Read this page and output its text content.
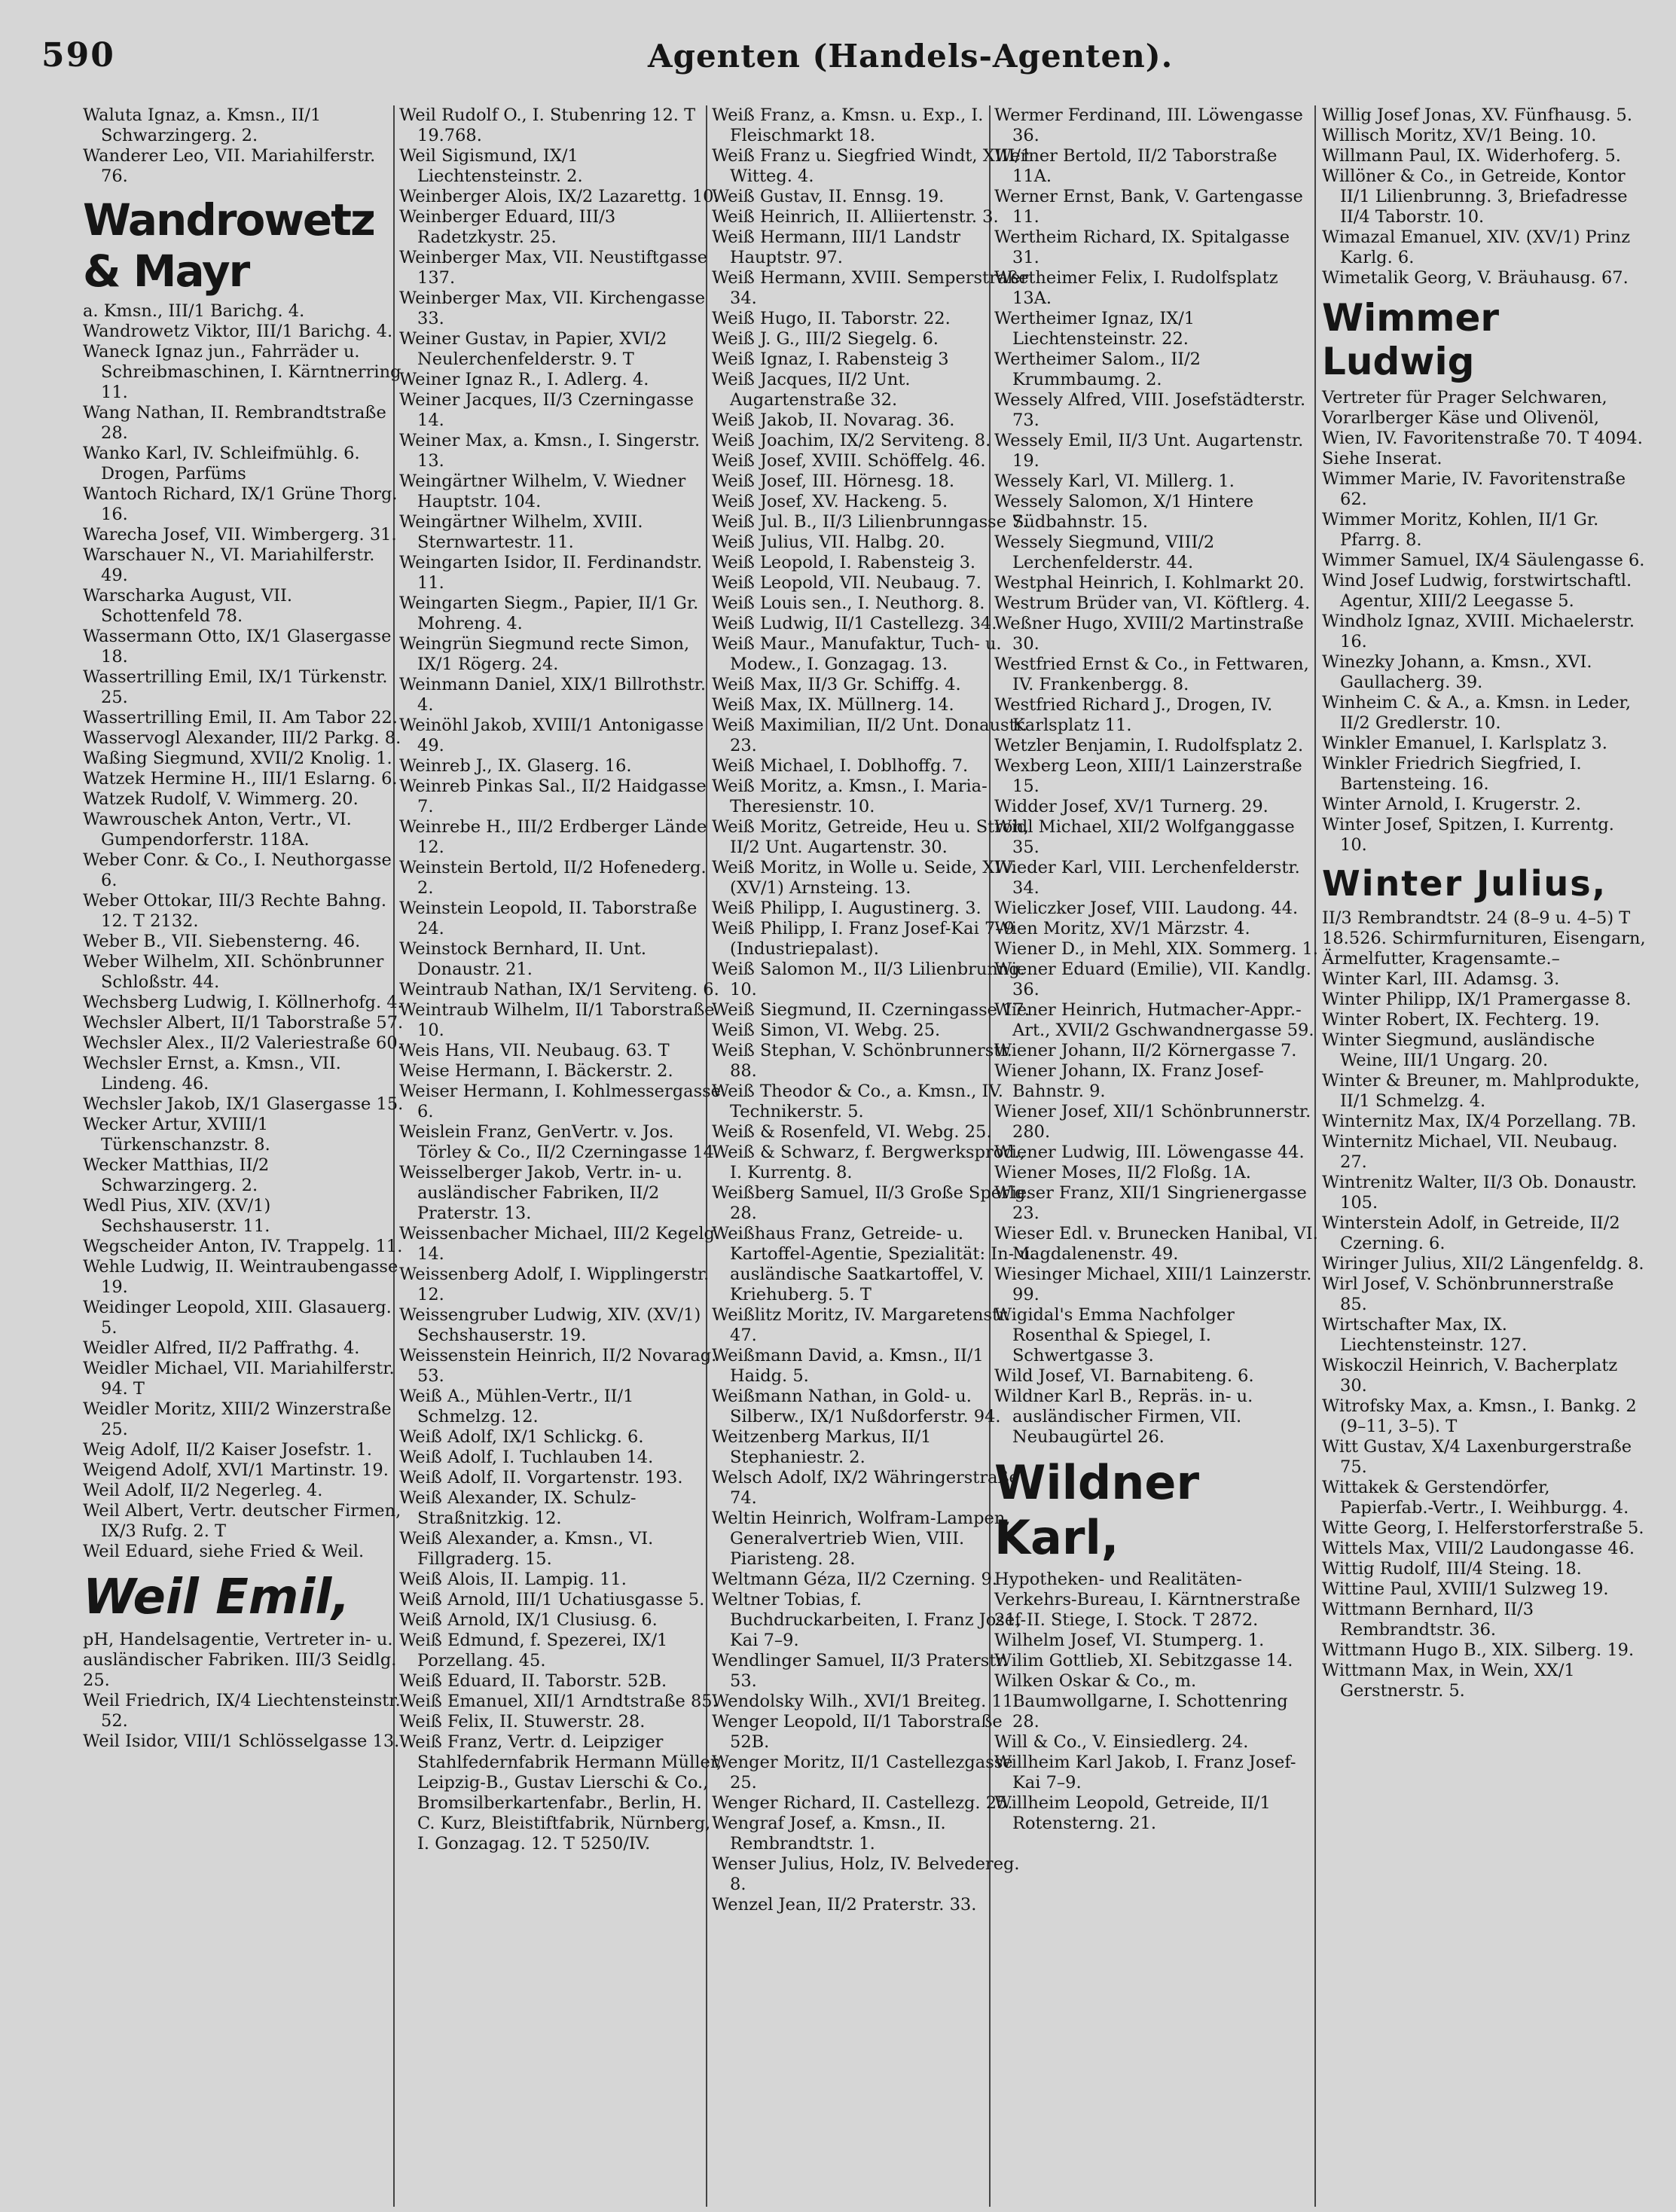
590	Agenten (Handels-Agenten).

Waluta Ignaz, a. Kmsn., II/1 Schwarzingerg. 2.

Wanderer Leo, VII. Mariahilferstr. 76.

Wandrowetz & Mayr

a. Kmsn., III/1 Barichg. 4.

Wandrowetz Viktor, III/1 Barichg. 4.

Waneck Ignaz jun., Fahrräder u. Schreibmaschinen, I. Kärntnerring 11.

Wang Nathan, II. Rembrandtstraße 28.

Wanko Karl, IV. Schleifmühlg. 6. Drogen, Parfüms

Wantoch Richard, IX/1 Grüne Thorg. 16.

Warecha Josef, VII. Wimbergerg. 31.

Warschauer N., VI. Mariahilferstr. 49.

Warscharka August, VII. Schottenfeld 78.

Wassermann Otto, IX/1 Glasergasse 18.

Wassertrilling Emil, IX/1 Türkenstr. 25.

Wassertrilling Emil, II. Am Tabor 22.

Wasservogl Alexander, III/2 Parkg. 8.

Waßing Siegmund, XVII/2 Knolig. 1.

Watzek Hermine H., III/1 Eslarng. 6.

Watzek Rudolf, V. Wimmerg. 20.

Wawrouschek Anton, Vertr., VI. Gumpendorferstr. 118A.

Weber Conr. & Co., I. Neuthorgasse 6.

Weber Ottokar, III/3 Rechte Bahng. 12. T 2132.

Weber B., VII. Siebensterng. 46.

Weber Wilhelm, XII. Schönbrunner Schloßstr. 44.

Wechsberg Ludwig, I. Köllnerhofg. 4.

Wechsler Albert, II/1 Taborstraße 57.

Wechsler Alex., II/2 Valeriestraße 60.

Wechsler Ernst, a. Kmsn., VII. Lindeng. 46.

Wechsler Jakob, IX/1 Glasergasse 15.

Wecker Artur, XVIII/1 Türkenschanzstr. 8.

Wecker Matthias, II/2 Schwarzingerg. 2.

Wedl Pius, XIV. (XV/1) Sechshauserstr. 11.

Wegscheider Anton, IV. Trappelg. 11.

Wehle Ludwig, II. Weintraubengasse 19.

Weidinger Leopold, XIII. Glasauerg. 5.

Weidler Alfred, II/2 Paffrathg. 4.

Weidler Michael, VII. Mariahilferstr. 94. T

Weidler Moritz, XIII/2 Winzerstraße 25.

Weig Adolf, II/2 Kaiser Josefstr. 1.

Weigend Adolf, XVI/1 Martinstr. 19.

Weil Adolf, II/2 Negerleg. 4.

Weil Albert, Vertr. deutscher Firmen, IX/3 Rufg. 2. T

Weil Eduard, siehe Fried & Weil.

Weil Emil,

pH, Handelsagentie, Vertreter in- u. ausländischer Fabriken. III/3 Seidlg. 25.

Weil Friedrich, IX/4 Liechtensteinstr. 52.

Weil Isidor, VIII/1 Schlösselgasse 13.

Weil Rudolf O., I. Stubenring 12. T 19.768.

Weil Sigismund, IX/1 Liechtensteinstr. 2.

Weinberger Alois, IX/2 Lazarettg. 10.

Weinberger Eduard, III/3 Radetzkystr. 25.

Weinberger Max, VII. Neustiftgasse 137.

Weinberger Max, VII. Kirchengasse 33.

Weiner Gustav, in Papier, XVI/2 Neulerchenfelderstr. 9. T

Weiner Ignaz R., I. Adlerg. 4.

Weiner Jacques, II/3 Czerningasse 14.

Weiner Max, a. Kmsn., I. Singerstr. 13.

Weingärtner Wilhelm, V. Wiedner Hauptstr. 104.

Weingärtner Wilhelm, XVIII. Sternwartestr. 11.

Weingarten Isidor, II. Ferdinandstr. 11.

Weingarten Siegm., Papier, II/1 Gr. Mohreng. 4.

Weingrün Siegmund recte Simon, IX/1 Rögerg. 24.

Weinmann Daniel, XIX/1 Billrothstr. 4.

Weinöhl Jakob, XVIII/1 Antonigasse 49.

Weinreb J., IX. Glaserg. 16.

Weinreb Pinkas Sal., II/2 Haidgasse 7.

Weinrebe H., III/2 Erdberger Lände 12.

Weinstein Bertold, II/2 Hofenederg. 2.

Weinstein Leopold, II. Taborstraße 24.

Weinstock Bernhard, II. Unt. Donaustr. 21.

Weintraub Nathan, IX/1 Serviteng. 6.

Weintraub Wilhelm, II/1 Taborstraße 10.

Weis Hans, VII. Neubaug. 63. T

Weise Hermann, I. Bäckerstr. 2.

Weiser Hermann, I. Kohlmessergasse 6.

Weislein Franz, GenVertr. v. Jos. Törley & Co., II/2 Czerningasse 14.

Weisselberger Jakob, Vertr. in- u. ausländischer Fabriken, II/2 Praterstr. 13.

Weissenbacher Michael, III/2 Kegelg. 14.

Weissenberg Adolf, I. Wipplingerstr. 12.

Weissengruber Ludwig, XIV. (XV/1) Sechshauserstr. 19.

Weissenstein Heinrich, II/2 Novarag. 53.

Weiß A., Mühlen-Vertr., II/1 Schmelzg. 12.

Weiß Adolf, IX/1 Schlickg. 6.

Weiß Adolf, I. Tuchlauben 14.

Weiß Adolf, II. Vorgartenstr. 193.

Weiß Alexander, IX. Schulz-Straßnitzkig. 12.

Weiß Alexander, a. Kmsn., VI. Fillgraderg. 15.

Weiß Alois, II. Lampig. 11.

Weiß Arnold, III/1 Uchatiusgasse 5.

Weiß Arnold, IX/1 Clusiusg. 6.

Weiß Edmund, f. Spezerei, IX/1 Porzellang. 45.

Weiß Eduard, II. Taborstr. 52B.

Weiß Emanuel, XII/1 Arndtstraße 85.

Weiß Felix, II. Stuwerstr. 28.

Weiß Franz, Vertr. d. Leipziger Stahlfedernfabrik Hermann Müller, Leipzig-B., Gustav Lierschi & Co., Bromsilberkartenfabr., Berlin, H. C. Kurz, Bleistiftfabrik, Nürnberg, I. Gonzagag. 12. T 5250/IV.

Weiß Franz, a. Kmsn. u. Exp., I. Fleischmarkt 18.

Weiß Franz u. Siegfried Windt, XIII/1 Witteg. 4.

Weiß Gustav, II. Ennsg. 19.

Weiß Heinrich, II. Alliiertenstr. 3.

Weiß Hermann, III/1 Landstr Hauptstr. 97.

Weiß Hermann, XVIII. Semperstraße 34.

Weiß Hugo, II. Taborstr. 22.

Weiß J. G., III/2 Siegelg. 6.

Weiß Ignaz, I. Rabensteig 3

Weiß Jacques, II/2 Unt. Augartenstraße 32.

Weiß Jakob, II. Novarag. 36.

Weiß Joachim, IX/2 Serviteng. 8.

Weiß Josef, XVIII. Schöffelg. 46.

Weiß Josef, III. Hörnesg. 18.

Weiß Josef, XV. Hackeng. 5.

Weiß Jul. B., II/3 Lilienbrunngasse 7.

Weiß Julius, VII. Halbg. 20.

Weiß Leopold, I. Rabensteig 3.

Weiß Leopold, VII. Neubaug. 7.

Weiß Louis sen., I. Neuthorg. 8.

Weiß Ludwig, II/1 Castellezg. 34.

Weiß Maur., Manufaktur, Tuch- u. Modew., I. Gonzagag. 13.

Weiß Max, II/3 Gr. Schiffg. 4.

Weiß Max, IX. Müllnerg. 14.

Weiß Maximilian, II/2 Unt. Donaustr. 23.

Weiß Michael, I. Doblhoffg. 7.

Weiß Moritz, a. Kmsn., I. Maria-Theresienstr. 10.

Weiß Moritz, Getreide, Heu u. Stroh, II/2 Unt. Augartenstr. 30.

Weiß Moritz, in Wolle u. Seide, XIV. (XV/1) Arnsteing. 13.

Weiß Philipp, I. Augustinerg. 3.

Weiß Philipp, I. Franz Josef-Kai 7–9 (Industriepalast).

Weiß Salomon M., II/3 Lilienbrunng. 10.

Weiß Siegmund, II. Czerningasse 17.

Weiß Simon, VI. Webg. 25.

Weiß Stephan, V. Schönbrunnerstr. 88.

Weiß Theodor & Co., a. Kmsn., IV. Technikerstr. 5.

Weiß & Rosenfeld, VI. Webg. 25.

Weiß & Schwarz, f. Bergwerksprod., I. Kurrentg. 8.

Weißberg Samuel, II/3 Große Sperlg. 28.

Weißhaus Franz, Getreide- u. Kartoffel-Agentie, Spezialität: In- u. ausländische Saatkartoffel, V. Kriehuberg. 5. T

Weißlitz Moritz, IV. Margaretenstr. 47.

Weißmann David, a. Kmsn., II/1 Haidg. 5.

Weißmann Nathan, in Gold- u. Silberw., IX/1 Nußdorferstr. 94.

Weitzenberg Markus, II/1 Stephaniestr. 2.

Welsch Adolf, IX/2 Währingerstraße 74.

Weltin Heinrich, Wolfram-Lampen, Generalvertrieb Wien, VIII. Piaristeng. 28.

Weltmann Géza, II/2 Czerning. 9.

Weltner Tobias, f. Buchdruckarbeiten, I. Franz Josef-Kai 7–9.

Wendlinger Samuel, II/3 Praterstr. 53.

Wendolsky Wilh., XVI/1 Breiteg. 11.

Wenger Leopold, II/1 Taborstraße 52B.

Wenger Moritz, II/1 Castellezgasse 25.

Wenger Richard, II. Castellezg. 25.

Wengraf Josef, a. Kmsn., II. Rembrandtstr. 1.

Wenser Julius, Holz, IV. Belvedereg. 8.

Wenzel Jean, II/2 Praterstr. 33.

Wermer Ferdinand, III. Löwengasse 36.

Werner Bertold, II/2 Taborstraße 11A.

Werner Ernst, Bank, V. Gartengasse 11.

Wertheim Richard, IX. Spitalgasse 31.

Wertheimer Felix, I. Rudolfsplatz 13A.

Wertheimer Ignaz, IX/1 Liechtensteinstr. 22.

Wertheimer Salom., II/2 Krummbaumg. 2.

Wessely Alfred, VIII. Josefstädterstr. 73.

Wessely Emil, II/3 Unt. Augartenstr. 19.

Wessely Karl, VI. Millerg. 1.

Wessely Salomon, X/1 Hintere Südbahnstr. 15.

Wessely Siegmund, VIII/2 Lerchenfelderstr. 44.

Westphal Heinrich, I. Kohlmarkt 20.

Westrum Brüder van, VI. Köftlerg. 4.

Weßner Hugo, XVIII/2 Martinstraße 30.

Westfried Ernst & Co., in Fettwaren, IV. Frankenbergg. 8.

Westfried Richard J., Drogen, IV. Karlsplatz 11.

Wetzler Benjamin, I. Rudolfsplatz 2.

Wexberg Leon, XIII/1 Lainzerstraße 15.

Widder Josef, XV/1 Turnerg. 29.

Widl Michael, XII/2 Wolfganggasse 35.

Wieder Karl, VIII. Lerchenfelderstr. 34.

Wieliczker Josef, VIII. Laudong. 44.

Wien Moritz, XV/1 Märzstr. 4.

Wiener D., in Mehl, XIX. Sommerg. 1.

Wiener Eduard (Emilie), VII. Kandlg. 36.

Wiener Heinrich, Hutmacher-Appr.-Art., XVII/2 Gschwandnergasse 59.

Wiener Johann, II/2 Körnergasse 7.

Wiener Johann, IX. Franz Josef-Bahnstr. 9.

Wiener Josef, XII/1 Schönbrunnerstr. 280.

Wiener Ludwig, III. Löwengasse 44.

Wiener Moses, II/2 Floßg. 1A.

Wieser Franz, XII/1 Singrienergasse 23.

Wieser Edl. v. Brunecken Hanibal, VI. Magdalenenstr. 49.

Wiesinger Michael, XIII/1 Lainzerstr. 99.

Wigidal's Emma Nachfolger Rosenthal & Spiegel, I. Schwertgasse 3.

Wild Josef, VI. Barnabiteng. 6.

Wildner Karl B., Repräs. in- u. ausländischer Firmen, VII. Neubaugürtel 26.

Wildner Karl,

Hypotheken- und Realitäten-Verkehrs-Bureau, I. Kärntnerstraße 21, II. Stiege, I. Stock. T 2872.

Wilhelm Josef, VI. Stumperg. 1.

Wilim Gottlieb, XI. Sebitzgasse 14.

Wilken Oskar & Co., m. Baumwollgarne, I. Schottenring 28.

Will & Co., V. Einsiedlerg. 24.

Willheim Karl Jakob, I. Franz Josef-Kai 7–9.

Willheim Leopold, Getreide, II/1 Rotensterng. 21.

Willig Josef Jonas, XV. Fünfhausg. 5.

Willisch Moritz, XV/1 Being. 10.

Willmann Paul, IX. Widerhoferg. 5.

Willöner & Co., in Getreide, Kontor II/1 Lilienbrunng. 3, Briefadresse II/4 Taborstr. 10.

Wimazal Emanuel, XIV. (XV/1) Prinz Karlg. 6.

Wimetalik Georg, V. Bräuhausg. 67.

Wimmer Ludwig

Vertreter für Prager Selchwaren, Vorarlberger Käse und Olivenöl, Wien, IV. Favoritenstraße 70. T 4094. Siehe Inserat.

Wimmer Marie, IV. Favoritenstraße 62.

Wimmer Moritz, Kohlen, II/1 Gr. Pfarrg. 8.

Wimmer Samuel, IX/4 Säulengasse 6.

Wind Josef Ludwig, forstwirtschaftl. Agentur, XIII/2 Leegasse 5.

Windholz Ignaz, XVIII. Michaelerstr. 16.

Winezky Johann, a. Kmsn., XVI. Gaullacherg. 39.

Winheim C. & A., a. Kmsn. in Leder, II/2 Gredlerstr. 10.

Winkler Emanuel, I. Karlsplatz 3.

Winkler Friedrich Siegfried, I. Bartensteing. 16.

Winter Arnold, I. Krugerstr. 2.

Winter Josef, Spitzen, I. Kurrentg. 10.

Winter Julius,

II/3 Rembrandtstr. 24 (8–9 u. 4–5) T 18.526. Schirmfurnituren, Eisengarn, Ärmelfutter, Kragensamte.–

Winter Karl, III. Adamsg. 3.

Winter Philipp, IX/1 Pramergasse 8.

Winter Robert, IX. Fechterg. 19.

Winter Siegmund, ausländische Weine, III/1 Ungarg. 20.

Winter & Breuner, m. Mahlprodukte, II/1 Schmelzg. 4.

Winternitz Max, IX/4 Porzellang. 7B.

Winternitz Michael, VII. Neubaug. 27.

Wintrenitz Walter, II/3 Ob. Donaustr. 105.

Winterstein Adolf, in Getreide, II/2 Czerning. 6.

Wiringer Julius, XII/2 Längenfeldg. 8.

Wirl Josef, V. Schönbrunnerstraße 85.

Wirtschafter Max, IX. Liechtensteinstr. 127.

Wiskoczil Heinrich, V. Bacherplatz 30.

Witrofsky Max, a. Kmsn., I. Bankg. 2 (9–11, 3–5). T

Witt Gustav, X/4 Laxenburgerstraße 75.

Wittakek & Gerstendörfer, Papierfab.-Vertr., I. Weihburgg. 4.

Witte Georg, I. Helferstorferstraße 5.

Wittels Max, VIII/2 Laudongasse 46.

Wittig Rudolf, III/4 Steing. 18.

Wittine Paul, XVIII/1 Sulzweg 19.

Wittmann Bernhard, II/3 Rembrandtstr. 36.

Wittmann Hugo B., XIX. Silberg. 19.

Wittmann Max, in Wein, XX/1 Gerstnerstr. 5.
